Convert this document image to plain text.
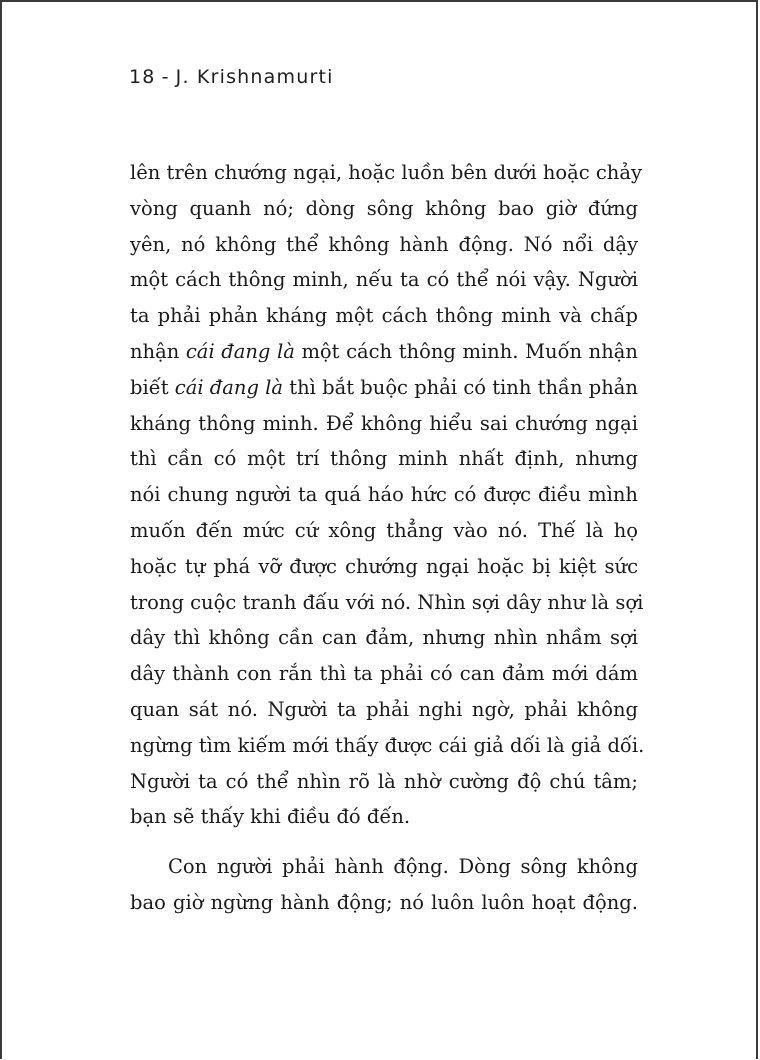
18 - J. Krishnamurti
lên trên chướng ngại, hoặc luồn bên dưới hoặc chảy
vòng quanh nó; dòng sông không bao giờ đứng
yên, nó không thể không hành động. Nó nổi dậy
một cách thông minh, nếu ta có thể nói vậy. Người
ta phải phản kháng một cách thông minh và chấp
nhận cái đang là một cách thông minh. Muốn nhận
biết cái đang là thì bắt buộc phải có tinh thần phản
kháng thông minh. Để không hiểu sai chướng ngại
thì cần có một trí thông minh nhất định, nhưng
nói chung người ta quá háo hức có được điều mình
muốn đến mức cứ xông thẳng vào nó. Thế là họ
hoặc tự phá vỡ được chướng ngại hoặc bị kiệt sức
trong cuộc tranh đấu với nó. Nhìn sợi dây như là sợi
dây thì không cần can đảm, nhưng nhìn nhầm sợi
dây thành con rắn thì ta phải có can đảm mới dám
quan sát nó. Người ta phải nghi ngờ, phải không
ngừng tìm kiếm mới thấy được cái giả dối là giả dối.
Người ta có thể nhìn rõ là nhờ cường độ chú tâm;
bạn sẽ thấy khi điều đó đến.
Con người phải hành động. Dòng sông không
bao giờ ngừng hành động; nó luôn luôn hoạt động.
